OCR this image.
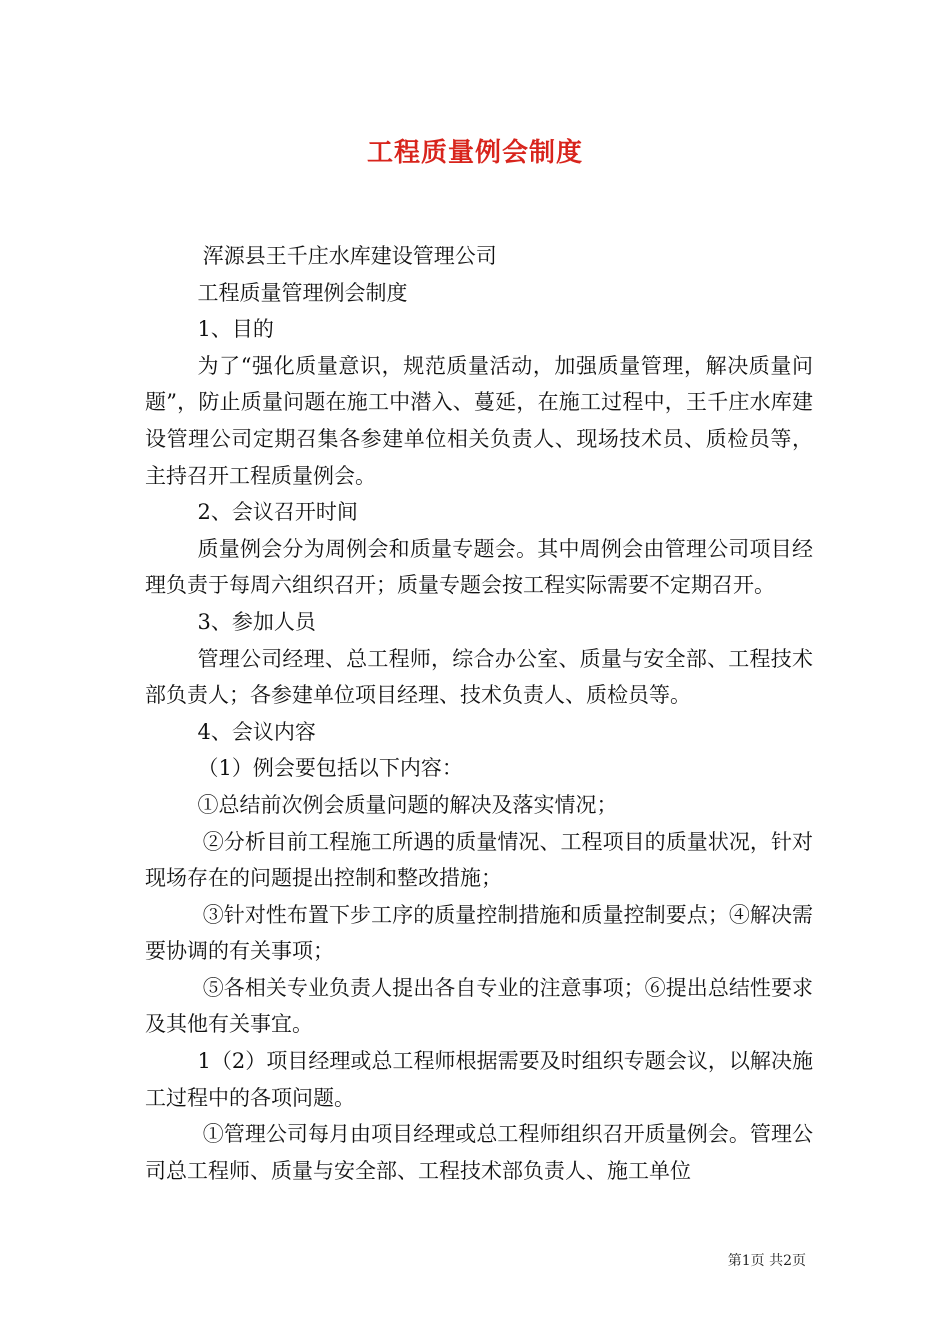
工程质量例会制度

浑源县王千庄水库建设管理公司

工程质量管理例会制度

1、目的

为了“强化质量意识，规范质量活动，加强质量管理，解决质量问题”，防止质量问题在施工中潜入、蔓延，在施工过程中，王千庄水库建设管理公司定期召集各参建单位相关负责人、现场技术员、质检员等，主持召开工程质量例会。

2、会议召开时间

质量例会分为周例会和质量专题会。其中周例会由管理公司项目经理负责于每周六组织召开；质量专题会按工程实际需要不定期召开。

3、参加人员

管理公司经理、总工程师，综合办公室、质量与安全部、工程技术部负责人；各参建单位项目经理、技术负责人、质检员等。

4、会议内容

（1）例会要包括以下内容：

①总结前次例会质量问题的解决及落实情况；

②分析目前工程施工所遇的质量情况、工程项目的质量状况，针对现场存在的问题提出控制和整改措施；

③针对性布置下步工序的质量控制措施和质量控制要点；④解决需要协调的有关事项；

⑤各相关专业负责人提出各自专业的注意事项；⑥提出总结性要求及其他有关事宜。

1（2）项目经理或总工程师根据需要及时组织专题会议，以解决施工过程中的各项问题。

①管理公司每月由项目经理或总工程师组织召开质量例会。管理公司总工程师、质量与安全部、工程技术部负责人、施工单位

第1页 共2页
